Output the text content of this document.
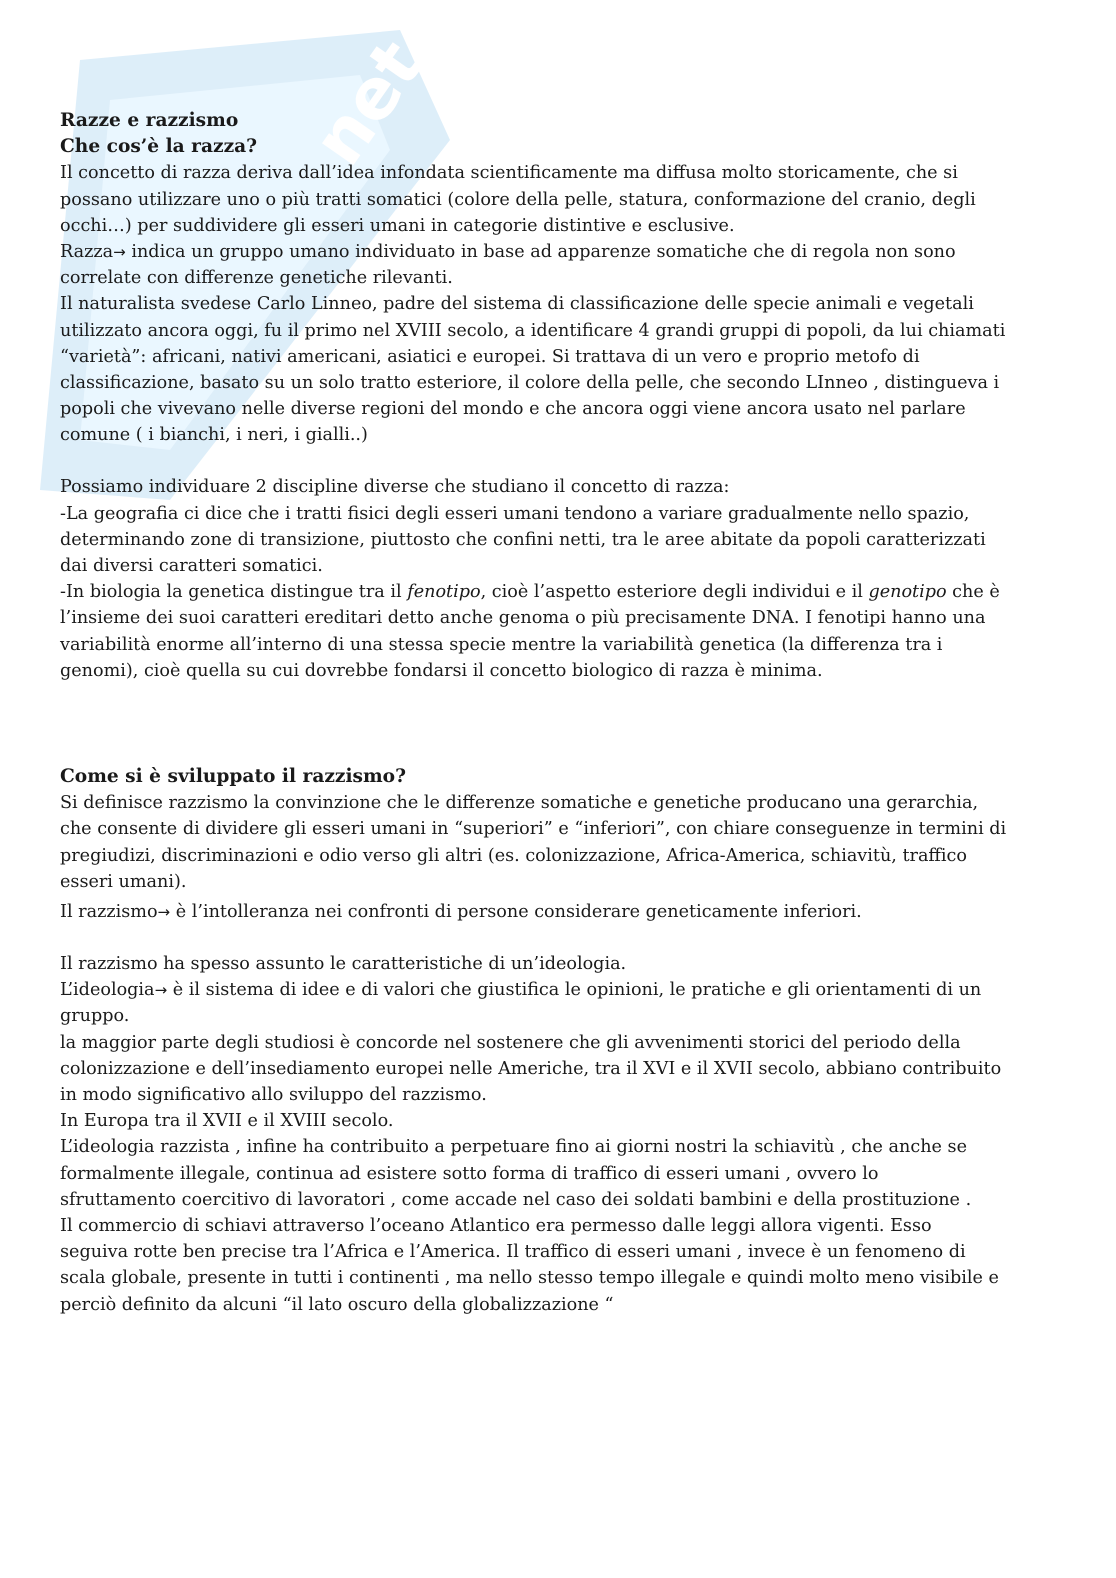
net
Razze e razzismo
Che cos’è la razza?
Il concetto di razza deriva dall’idea infondata scientificamente ma diffusa molto storicamente, che si
possano utilizzare uno o più tratti somatici (colore della pelle, statura, conformazione del cranio, degli
occhi…) per suddividere gli esseri umani in categorie distintive e esclusive.
Razza→ indica un gruppo umano individuato in base ad apparenze somatiche che di regola non sono
correlate con differenze genetiche rilevanti.
Il naturalista svedese Carlo Linneo, padre del sistema di classificazione delle specie animali e vegetali
utilizzato ancora oggi, fu il primo nel XVIII secolo, a identificare 4 grandi gruppi di popoli, da lui chiamati
“varietà”: africani, nativi americani, asiatici e europei. Si trattava di un vero e proprio metofo di
classificazione, basato su un solo tratto esteriore, il colore della pelle, che secondo LInneo , distingueva i
popoli che vivevano nelle diverse regioni del mondo e che ancora oggi viene ancora usato nel parlare
comune ( i bianchi, i neri, i gialli..)
Possiamo individuare 2 discipline diverse che studiano il concetto di razza:
-La geografia ci dice che i tratti fisici degli esseri umani tendono a variare gradualmente nello spazio,
determinando zone di transizione, piuttosto che confini netti, tra le aree abitate da popoli caratterizzati
dai diversi caratteri somatici.
-In biologia la genetica distingue tra il fenotipo, cioè l’aspetto esteriore degli individui e il genotipo che è
l’insieme dei suoi caratteri ereditari detto anche genoma o più precisamente DNA. I fenotipi hanno una
variabilità enorme all’interno di una stessa specie mentre la variabilità genetica (la differenza tra i
genomi), cioè quella su cui dovrebbe fondarsi il concetto biologico di razza è minima.
Come si è sviluppato il razzismo?
Si definisce razzismo la convinzione che le differenze somatiche e genetiche producano una gerarchia,
che consente di dividere gli esseri umani in “superiori” e “inferiori”, con chiare conseguenze in termini di
pregiudizi, discriminazioni e odio verso gli altri (es. colonizzazione, Africa-America, schiavitù, traffico
esseri umani).
Il razzismo→ è l’intolleranza nei confronti di persone considerare geneticamente inferiori.
Il razzismo ha spesso assunto le caratteristiche di un’ideologia.
L’ideologia→ è il sistema di idee e di valori che giustifica le opinioni, le pratiche e gli orientamenti di un
gruppo.
la maggior parte degli studiosi è concorde nel sostenere che gli avvenimenti storici del periodo della
colonizzazione e dell’insediamento europei nelle Americhe, tra il XVI e il XVII secolo, abbiano contribuito
in modo significativo allo sviluppo del razzismo.
In Europa tra il XVII e il XVIII secolo.
L’ideologia razzista , infine ha contribuito a perpetuare fino ai giorni nostri la schiavitù , che anche se
formalmente illegale, continua ad esistere sotto forma di traffico di esseri umani , ovvero lo
sfruttamento coercitivo di lavoratori , come accade nel caso dei soldati bambini e della prostituzione .
Il commercio di schiavi attraverso l’oceano Atlantico era permesso dalle leggi allora vigenti. Esso
seguiva rotte ben precise tra l’Africa e l’America. Il traffico di esseri umani , invece è un fenomeno di
scala globale, presente in tutti i continenti , ma nello stesso tempo illegale e quindi molto meno visibile e
perciò definito da alcuni “il lato oscuro della globalizzazione “
